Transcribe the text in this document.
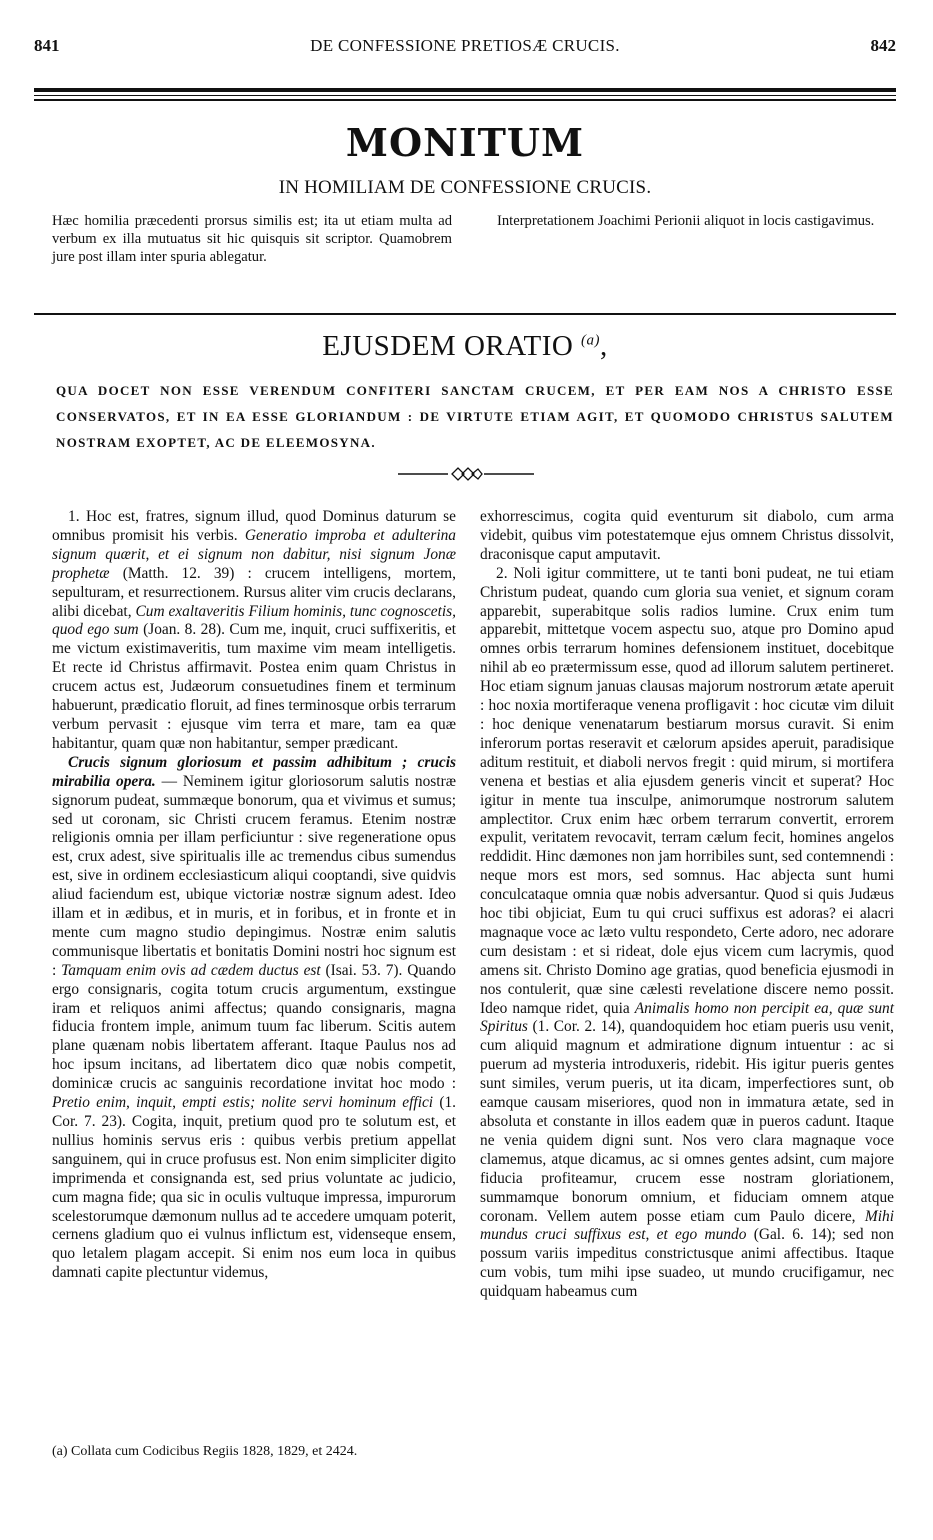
841	DE CONFESSIONE PRETIOSÆ CRUCIS.	842
MONITUM
IN HOMILIAM DE CONFESSIONE CRUCIS.
Hæc homilia præcedenti prorsus similis est; ita ut etiam multa ad verbum ex illa mutuatus sit hic quisquis sit scriptor. Quamobrem jure post illam inter spuria ablegatur.
Interpretationem Joachimi Perionii aliquot in locis castigavimus.
EJUSDEM ORATIO $^{(a)}$,
QUA DOCET NON ESSE VERENDUM CONFITERI SANCTAM CRUCEM, ET PER EAM NOS A CHRISTO ESSE CONSERVATOS, ET IN EA ESSE GLORIANDUM : DE VIRTUTE ETIAM AGIT, ET QUOMODO CHRISTUS SALUTEM NOSTRAM EXOPTET, AC DE ELEEMOSYNA.

1. Hoc est, fratres, signum illud, quod Dominus daturum se omnibus promisit his verbis. Generatio improba et adulterina signum quærit, et ei signum non dabitur, nisi signum Jonæ prophetæ (Matth. 12. 39) : crucem intelligens, mortem, sepulturam, et resurrectionem. Rursus aliter vim crucis declarans, alibi dicebat, Cum exaltaveritis Filium hominis, tunc cognoscetis, quod ego sum (Joan. 8. 28). Cum me, inquit, cruci suffixeritis, et me victum existimaveritis, tum maxime vim meam intelligetis. Et recte id Christus affirmavit. Postea enim quam Christus in crucem actus est, Judæorum consuetudines finem et terminum habuerunt, prædicatio floruit, ad fines terminosque orbis terrarum verbum pervasit : ejusque vim terra et mare, tam ea quæ habitantur, quam quæ non habitantur, semper prædicant.

Crucis signum gloriosum et passim adhibitum ; crucis mirabilia opera. — Neminem igitur gloriosorum salutis nostræ signorum pudeat, summæque bonorum, qua et vivimus et sumus; sed ut coronam, sic Christi crucem feramus. Etenim nostræ religionis omnia per illam perficiuntur : sive regeneratione opus est, crux adest, sive spiritualis ille ac tremendus cibus sumendus est, sive in ordinem ecclesiasticum aliqui cooptandi, sive quidvis aliud faciendum est, ubique victoriæ nostræ signum adest. Ideo illam et in ædibus, et in muris, et in foribus, et in fronte et in mente cum magno studio depingimus. Nostræ enim salutis communisque libertatis et bonitatis Domini nostri hoc signum est : Tamquam enim ovis ad cædem ductus est (Isai. 53. 7). Quando ergo consignaris, cogita totum crucis argumentum, exstingue iram et reliquos animi affectus; quando consignaris, magna fiducia frontem imple, animum tuum fac liberum. Scitis autem plane quænam nobis libertatem afferant. Itaque Paulus nos ad hoc ipsum incitans, ad libertatem dico quæ nobis competit, dominicæ crucis ac sanguinis recordatione invitat hoc modo : Pretio enim, inquit, empti estis; nolite servi hominum effici (1. Cor. 7. 23). Cogita, inquit, pretium quod pro te solutum est, et nullius hominis servus eris : quibus verbis pretium appellat sanguinem, qui in cruce profusus est. Non enim simpliciter digito imprimenda et consignanda est, sed prius voluntate ac judicio, cum magna fide; qua sic in oculis vultuque impressa, impurorum scelestorumque dæmonum nullus ad te accedere umquam poterit, cernens gladium quo ei vulnus inflictum est, videnseque ensem, quo letalem plagam accepit. Si enim nos eum loca in quibus damnati capite plectuntur videmus,

exhorrescimus, cogita quid eventurum sit diabolo, cum arma videbit, quibus vim potestatemque ejus omnem Christus dissolvit, draconisque caput amputavit.

2. Noli igitur committere, ut te tanti boni pudeat, ne tui etiam Christum pudeat, quando cum gloria sua veniet, et signum coram apparebit, superabitque solis radios lumine. Crux enim tum apparebit, mittetque vocem aspectu suo, atque pro Domino apud omnes orbis terrarum homines defensionem instituet, docebitque nihil ab eo prætermissum esse, quod ad illorum salutem pertineret. Hoc etiam signum januas clausas majorum nostrorum ætate aperuit : hoc noxia mortiferaque venena profligavit : hoc cicutæ vim diluit : hoc denique venenatarum bestiarum morsus curavit. Si enim inferorum portas reseravit et cælorum apsides aperuit, paradisique aditum restituit, et diaboli nervos fregit : quid mirum, si mortifera venena et bestias et alia ejusdem generis vincit et superat? Hoc igitur in mente tua insculpe, animorumque nostrorum salutem amplectitor. Crux enim hæc orbem terrarum convertit, errorem expulit, veritatem revocavit, terram cælum fecit, homines angelos reddidit. Hinc dæmones non jam horribiles sunt, sed contemnendi : neque mors est mors, sed somnus. Hac abjecta sunt humi conculcataque omnia quæ nobis adversantur. Quod si quis Judæus hoc tibi objiciat, Eum tu qui cruci suffixus est adoras? ei alacri magnaque voce ac læto vultu respondeto, Certe adoro, nec adorare cum desistam : et si rideat, dole ejus vicem cum lacrymis, quod amens sit. Christo Domino age gratias, quod beneficia ejusmodi in nos contulerit, quæ sine cælesti revelatione discere nemo possit. Ideo namque ridet, quia Animalis homo non percipit ea, quæ sunt Spiritus (1. Cor. 2. 14), quandoquidem hoc etiam pueris usu venit, cum aliquid magnum et admiratione dignum intuentur : ac si puerum ad mysteria introduxeris, ridebit. His igitur pueris gentes sunt similes, verum pueris, ut ita dicam, imperfectiores sunt, ob eamque causam miseriores, quod non in immatura ætate, sed in absoluta et constante in illos eadem quæ in pueros cadunt. Itaque ne venia quidem digni sunt. Nos vero clara magnaque voce clamemus, atque dicamus, ac si omnes gentes adsint, cum majore fiducia profiteamur, crucem esse nostram gloriationem, summamque bonorum omnium, et fiduciam omnem atque coronam. Vellem autem posse etiam cum Paulo dicere, Mihi mundus cruci suffixus est, et ego mundo (Gal. 6. 14); sed non possum variis impeditus constrictusque animi affectibus. Itaque cum vobis, tum mihi ipse suadeo, ut mundo crucifigamur, nec quidquam habeamus cum

(a) Collata cum Codicibus Regiis 1828, 1829, et 2424.
